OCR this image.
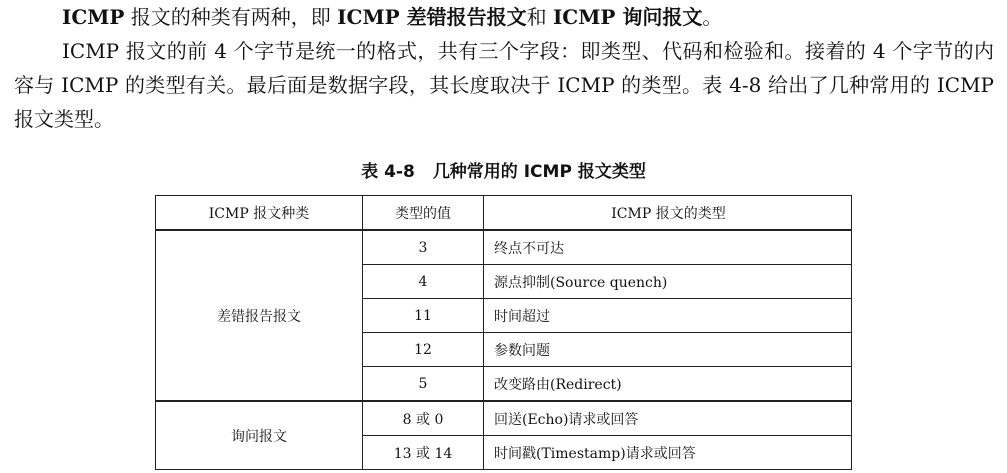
ICMP 报文的种类有两种，即 ICMP 差错报告报文和 ICMP 询问报文。

ICMP 报文的前 4 个字节是统一的格式，共有三个字段：即类型、代码和检验和。接着的 4 个字节的内容与 ICMP 的类型有关。最后面是数据字段，其长度取决于 ICMP 的类型。表 4-8 给出了几种常用的 ICMP 报文类型。

表 4-8 几种常用的 ICMP 报文类型
ICMP 报文种类	类型的值	ICMP 报文的类型
差错报告报文	3	终点不可达
	4	源点抑制(Source quench)
	11	时间超过
	12	参数问题
	5	改变路由(Redirect)
询问报文	8 或 0	回送(Echo)请求或回答
	13 或 14	时间戳(Timestamp)请求或回答
